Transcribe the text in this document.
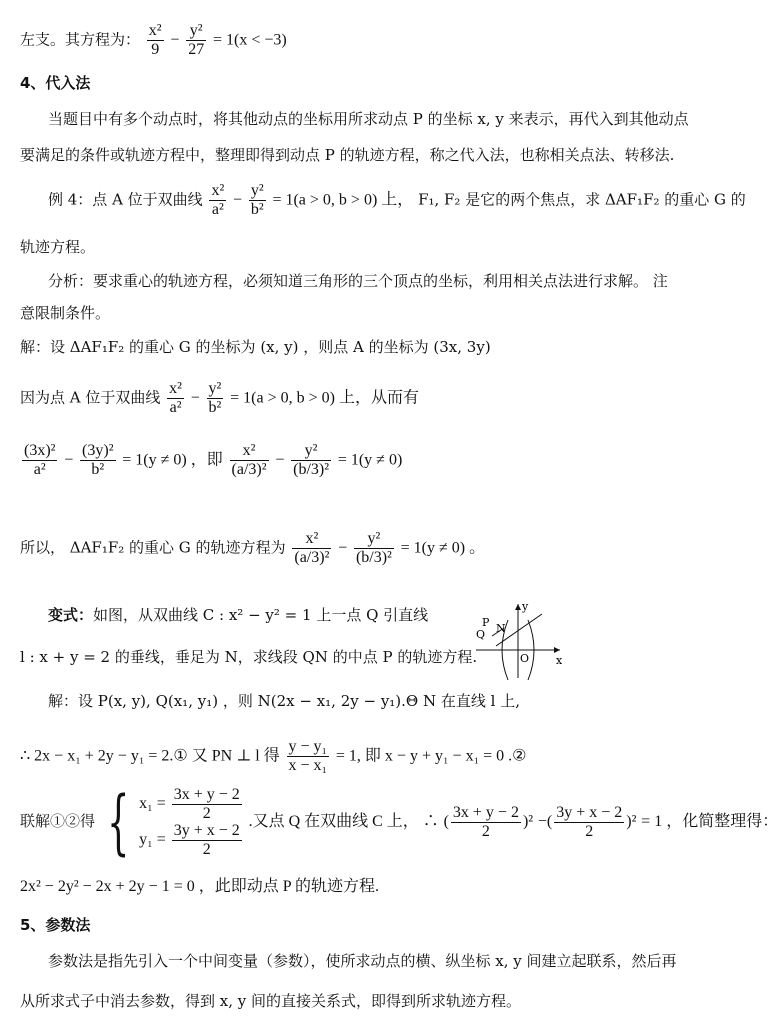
左支。其方程为： $\frac{\text{x²}}{9} - \frac{\text{y²}}{27} = 1(x < -3)$
4、代入法
当题目中有多个动点时，将其他动点的坐标用所求动点 P 的坐标 x, y 来表示，再代入到其他动点
要满足的条件或轨迹方程中，整理即得到动点 P 的轨迹方程，称之代入法，也称相关点法、转移法.
例 4：点 A 位于双曲线 $\frac{\text{x²}}{\text{a²}} - \frac{\text{y²}}{\text{b²}} = 1(a > 0$, b > 0) 上， F₁, F₂ 是它的两个焦点，求 ΔAF₁F₂ 的重心 G 的
轨迹方程。
分析：要求重心的轨迹方程，必须知道三角形的三个顶点的坐标，利用相关点法进行求解。 注
意限制条件。
解：设 ΔAF₁F₂ 的重心 G 的坐标为 (x, y) ，则点 A 的坐标为 (3x, 3y)
因为点 A 位于双曲线 $\frac{\text{x²}}{\text{a²}} - \frac{\text{y²}}{\text{b²}} = 1(a > 0$, b > 0) 上，从而有
$\frac{\text{(3x)²}}{\text{a²}} - \frac{\text{(3y)²}}{\text{b²}} = 1(y \ne 0)$ ，即 $\frac{\text{x²}}{\text{(a/3)²}} - \frac{\text{y²}}{\text{(b/3)²}} = 1(y \ne 0)$
所以， ΔAF₁F₂ 的重心 G 的轨迹方程为 $\frac{\text{x²}}{\text{(a/3)²}} - \frac{\text{y²}}{\text{(b/3)²}} = 1(y \ne 0)$ 。
变式：如图，从双曲线 C : x² − y² = 1 上一点 Q 引直线
l : x + y = 2 的垂线，垂足为 N，求线段 QN 的中点 P 的轨迹方程.
y
x
O
P
Q N
解：设 P(x, y), Q(x₁, y₁) ，则 N(2x − x₁, 2y − y₁).Θ N 在直线 l 上,
∴ 2x − x₁ + 2y − y₁ = 2.① 又 PN ⊥ l 得 $\frac{\text{y − y₁}}{\text{x − x₁}} = 1$, 即 x − y + y₁ − x₁ = 0 .②
联解①②得 { $x_1 = \frac{3x + y - 2}{2}$
$y_1 = \frac{3y + x - 2}{2}$
.又点 Q 在双曲线 C 上， ∴ ( $\frac{3x + y - 2}{2} )^2$ −( $\frac{3y + x - 2}{2} )^2 = 1$ ，化简整理得：
2x² − 2y² − 2x + 2y − 1 = 0 ，此即动点 P 的轨迹方程.
5、参数法
参数法是指先引入一个中间变量（参数），使所求动点的横、纵坐标 x, y 间建立起联系，然后再
从所求式子中消去参数，得到 x, y 间的直接关系式，即得到所求轨迹方程。
